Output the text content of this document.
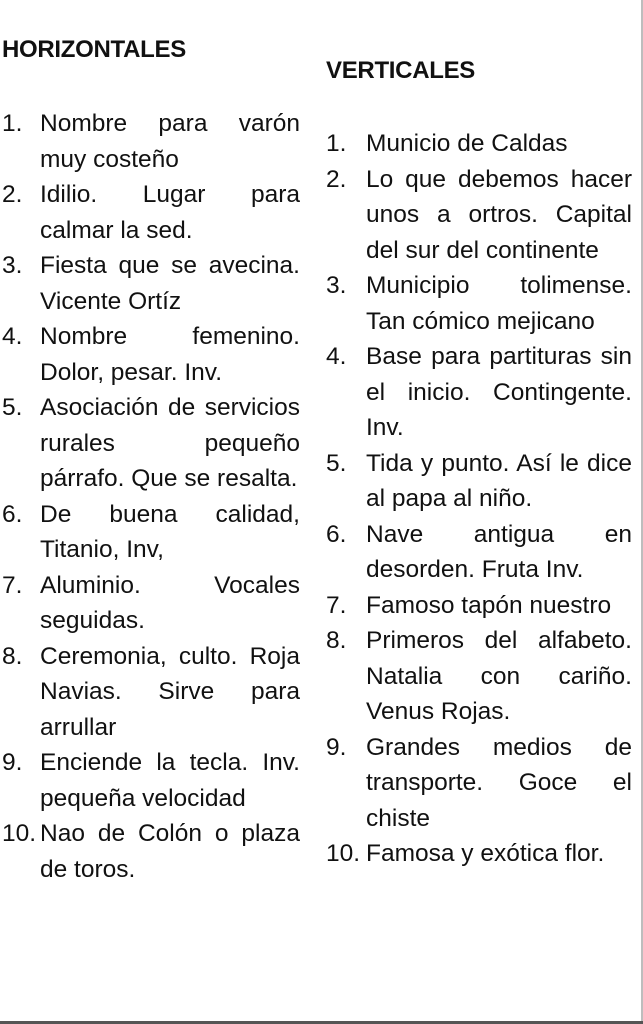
HORIZONTALES
1. Nombre para varón muy costeño
2. Idilio. Lugar para calmar la sed.
3. Fiesta que se avecina. Vicente Ortíz
4. Nombre femenino. Dolor, pesar. Inv.
5. Asociación de servicios rurales pequeño párrafo. Que se resalta.
6. De buena calidad, Titanio, Inv,
7. Aluminio. Vocales seguidas.
8. Ceremonia, culto. Roja Navias. Sirve para arrullar
9. Enciende la tecla. Inv. pequeña velocidad
10. Nao de Colón o plaza de toros.
VERTICALES
1. Municio de Caldas
2. Lo que debemos hacer unos a ortros. Capital del sur del continente
3. Municipio tolimense. Tan cómico mejicano
4. Base para partituras sin el inicio. Contingente. Inv.
5. Tida y punto. Así le dice al papa al niño.
6. Nave antigua en desorden. Fruta Inv.
7. Famoso tapón nuestro
8. Primeros del alfabeto. Natalia con cariño. Venus Rojas.
9. Grandes medios de transporte. Goce el chiste
10. Famosa y exótica flor.
